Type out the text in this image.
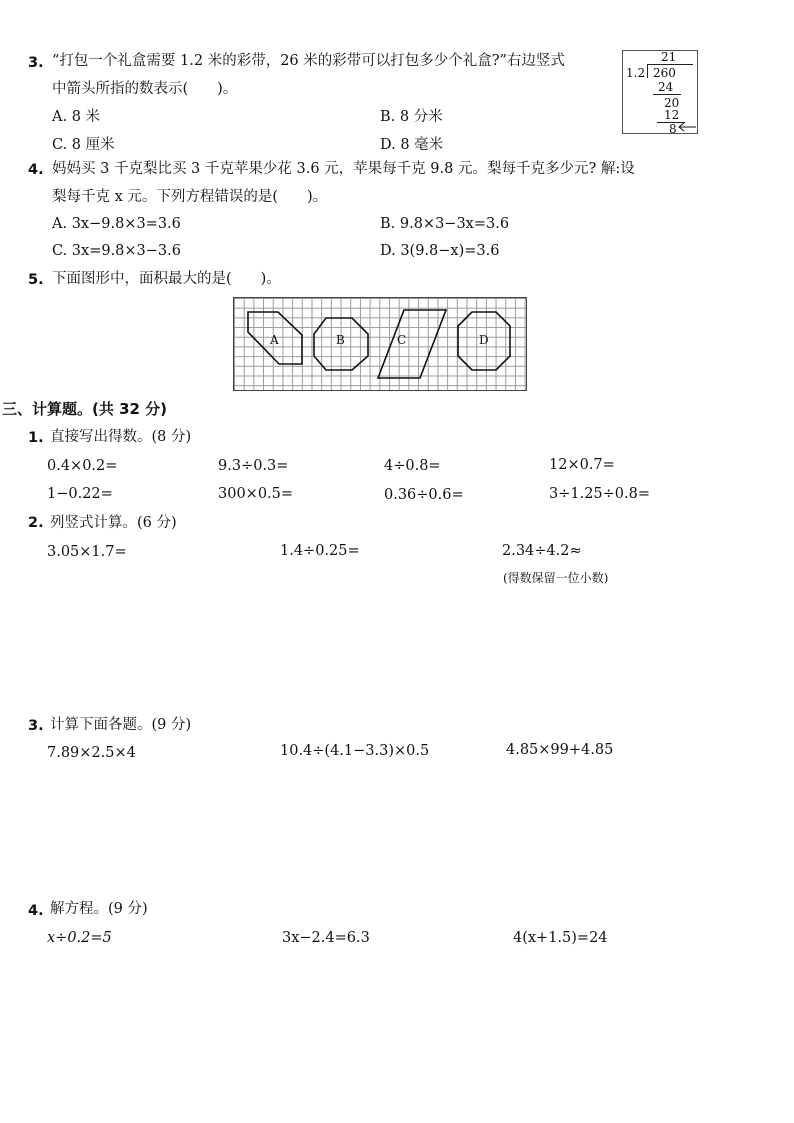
3. “打包一个礼盒需要 1.2 米的彩带，26 米的彩带可以打包多少个礼盒?”右边竖式
中箭头所指的数表示(　　)。
A. 8 米	B. 8 分米
C. 8 厘米	D. 8 毫米
21
1.2 260
24
20
12
8
4. 妈妈买 3 千克梨比买 3 千克苹果少花 3.6 元，苹果每千克 9.8 元。梨每千克多少元? 解:设
梨每千克 x 元。下列方程错误的是(　　)。
A. 3x−9.8×3=3.6	B. 9.8×3−3x=3.6
C. 3x=9.8×3−3.6	D. 3(9.8−x)=3.6
5. 下面图形中，面积最大的是(　　)。
A	B	C	D
三、计算题。(共 32 分)
1. 直接写出得数。(8 分)
0.4×0.2=	9.3÷0.3=	4÷0.8=	12×0.7=
1−0.22=	300×0.5=	0.36÷0.6=	3÷1.25÷0.8=
2. 列竖式计算。(6 分)
3.05×1.7=	1.4÷0.25=	2.34÷4.2≈
(得数保留一位小数)
3. 计算下面各题。(9 分)
7.89×2.5×4	10.4÷(4.1−3.3)×0.5	4.85×99+4.85
4. 解方程。(9 分)
x÷0.2=5	3x−2.4=6.3	4(x+1.5)=24
